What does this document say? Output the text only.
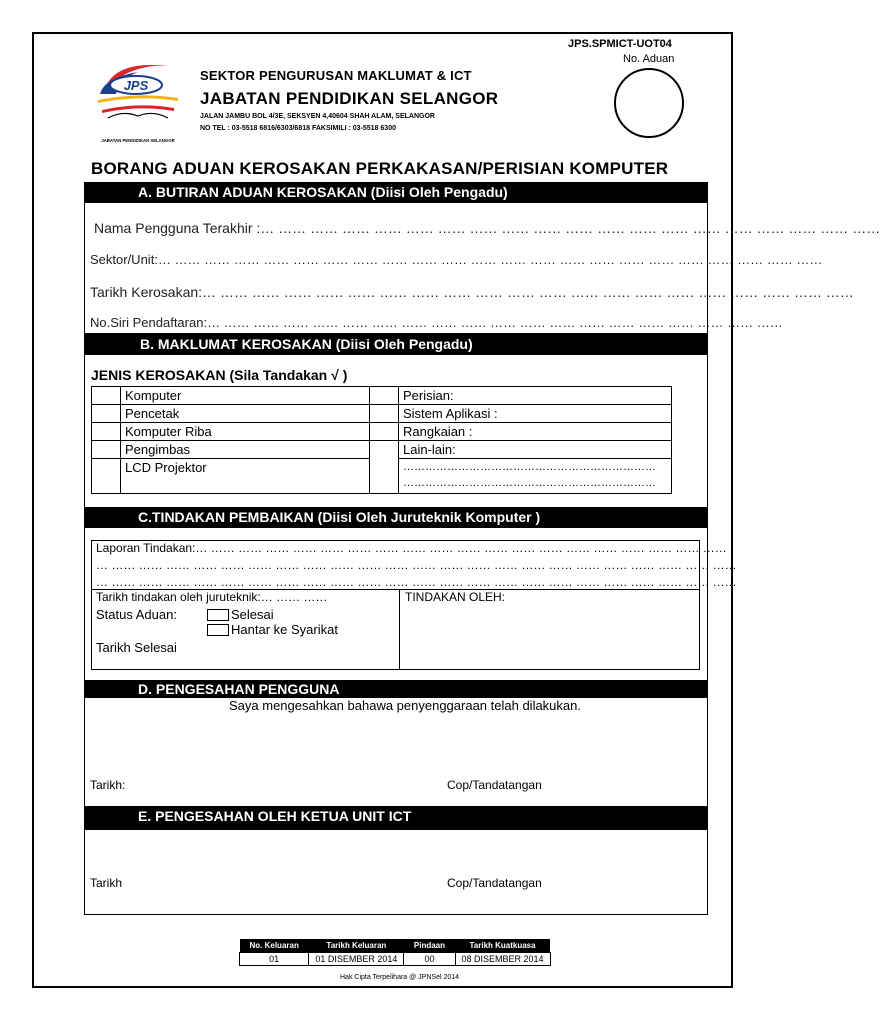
JPS.SPMICT-UOT04
No. Aduan
JPS
JABATAN PENDIDIKAN SELANGOR
SEKTOR PENGURUSAN MAKLUMAT & ICT
JABATAN PENDIDIKAN SELANGOR
JALAN JAMBU BOL 4/3E, SEKSYEN 4,40604 SHAH ALAM, SELANGOR
NO TEL : 03-5518 6816/6303/6818 FAKSIMILI : 03-5518 6300
BORANG ADUAN KEROSAKAN PERKAKASAN/PERISIAN KOMPUTER
A. BUTIRAN ADUAN KEROSAKAN (Diisi Oleh Pengadu)
Nama Pengguna Terakhir :… …… …… …… …… …… …… …… …… …… …… …… …… …… …… …… …… …… …… ……
Sektor/Unit:… …… …… …… …… …… …… …… …… …… …… …… …… …… …… …… …… …… …… …… …… …… ……
Tarikh Kerosakan:… …… …… …… …… …… …… …… …… …… …… …… …… …… …… …… …… …… …… …… ……
No.Siri Pendaftaran:… …… …… …… …… …… …… …… …… …… …… …… …… …… …… …… …… …… …… ……
B. MAKLUMAT KEROSAKAN (Diisi Oleh Pengadu)
JENIS KEROSAKAN (Sila Tandakan √ )
	Komputer		Perisian:
	Pencetak		Sistem Aplikasi :
	Komputer Riba		Rangkaian :
	Pengimbas		Lain-lain:
	LCD Projektor		……………………………………………………………
……………………………………………………………
C.TINDAKAN PEMBAIKAN (Diisi Oleh Juruteknik Komputer )
Laporan Tindakan:… …… …… …… …… …… …… …… …… …… …… …… …… …… …… …… …… …… …… …… .
… …… …… …… …… …… …… …… …… …… …… …… …… …… …… …… …… …… …… …… …… …… …… ……
… …… …… …… …… …… …… …… …… …… …… …… …… …… …… …… …… …… …… …… …… …… …… ……
Tarikh tindakan oleh juruteknik:… …… ……	TINDAKAN OLEH:
Status Aduan:	Selesai
Hantar ke Syarikat
Tarikh Selesai
D. PENGESAHAN PENGGUNA
Saya mengesahkan bahawa penyenggaraan telah dilakukan.
Tarikh:	Cop/Tandatangan
E. PENGESAHAN OLEH KETUA UNIT ICT
Tarikh	Cop/Tandatangan
No. Keluaran	Tarikh Keluaran	Pindaan	Tarikh Kuatkuasa
01	01 DISEMBER 2014	00	08 DISEMBER 2014
Hak Cipta Terpelihara @ JPNSel 2014
